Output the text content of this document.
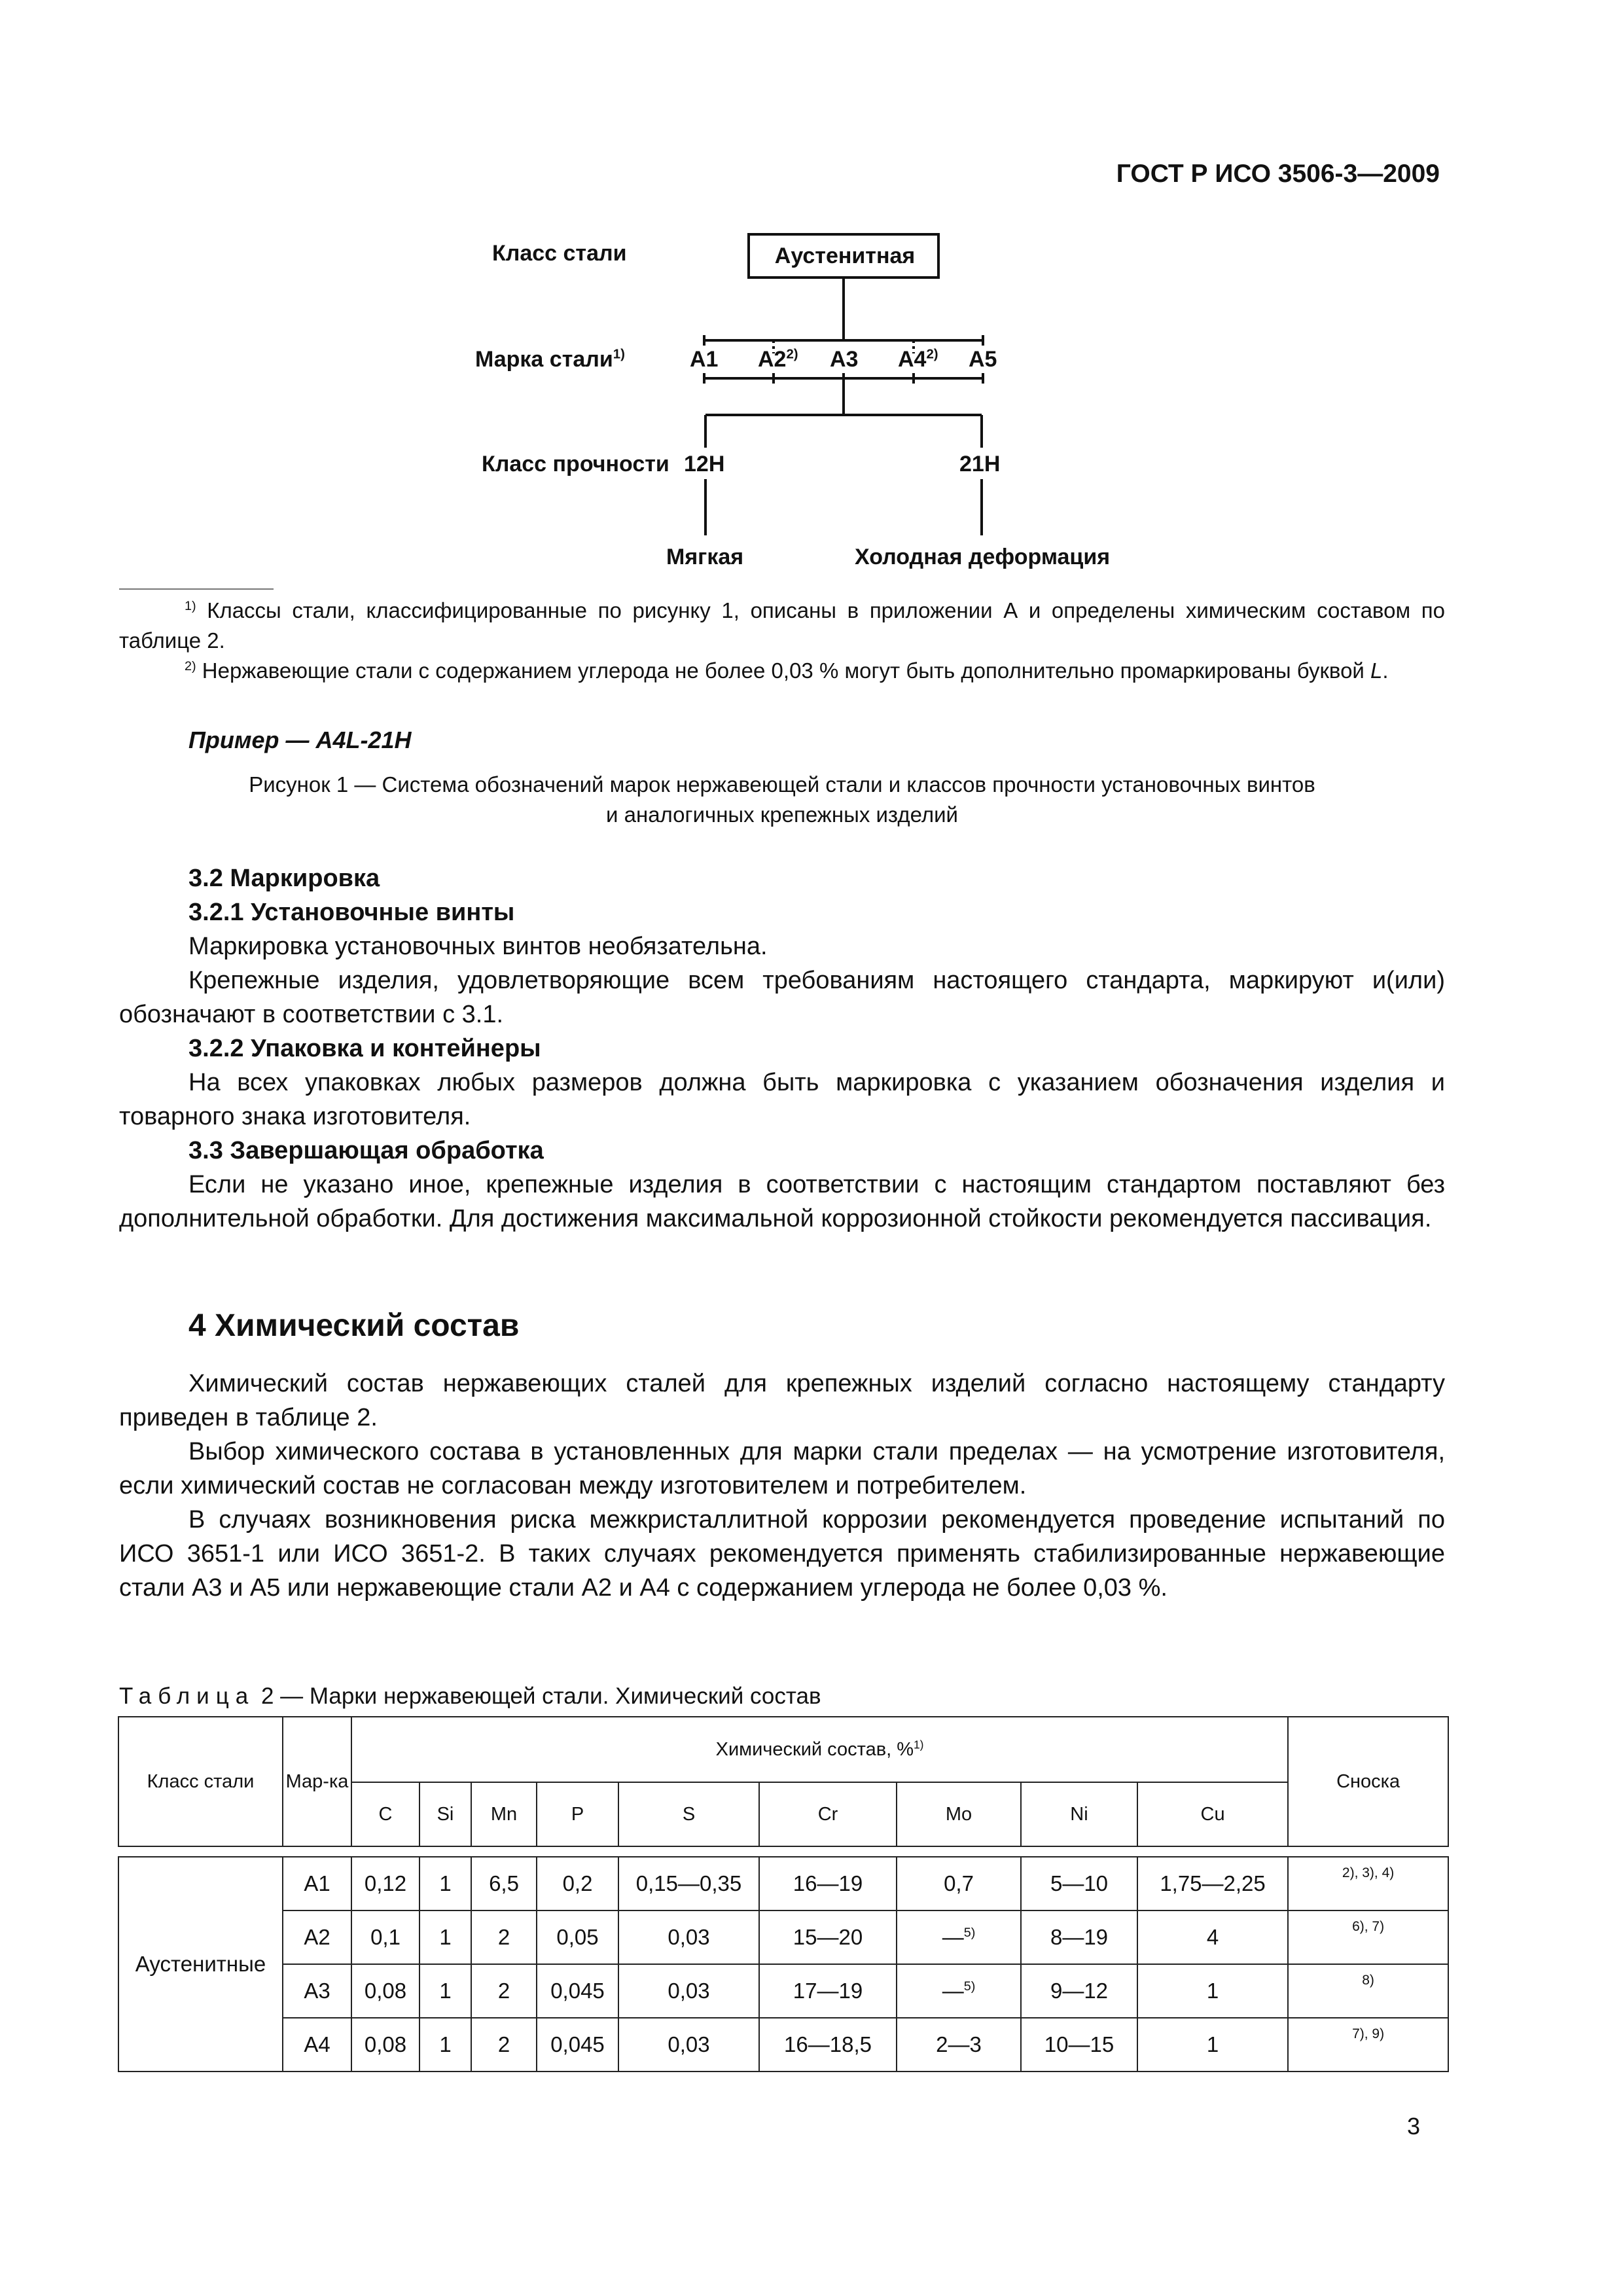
ГОСТ Р ИСО 3506-3—2009
Класс стали
Марка стали$^{1)}$
Класс прочности
Аустенитная
A1 A2$^{2)}$ A3 A4$^{2)}$ A5
12H	21H
Мягкая	Холодная деформация

$^{1)}$ Классы стали, классифицированные по рисунку 1, описаны в приложении А и определены химическим составом по таблице 2.

$^{2)}$ Нержавеющие стали с содержанием углерода не более 0,03 % могут быть дополнительно промаркированы буквой L.

Пример — A4L-21H
Рисунок 1 — Система обозначений марок нержавеющей стали и классов прочности установочных винтов
и аналогичных крепежных изделий
3.2 Маркировка
3.2.1 Установочные винты

Маркировка установочных винтов необязательна.

Крепежные изделия, удовлетворяющие всем требованиям настоящего стандарта, маркируют и(или) обозначают в соответствии с 3.1.

3.2.2 Упаковка и контейнеры

На всех упаковках любых размеров должна быть маркировка с указанием обозначения изделия и товарного знака изготовителя.

3.3 Завершающая обработка

Если не указано иное, крепежные изделия в соответствии с настоящим стандартом поставляют без дополнительной обработки. Для достижения максимальной коррозионной стойкости рекомендуется пассивация.

4 Химический состав

Химический состав нержавеющих сталей для крепежных изделий согласно настоящему стандарту приведен в таблице 2.

Выбор химического состава в установленных для марки стали пределах — на усмотрение изготовителя, если химический состав не согласован между изготовителем и потребителем.

В случаях возникновения риска межкристаллитной коррозии рекомендуется проведение испытаний по ИСО 3651-1 или ИСО 3651-2. В таких случаях рекомендуется применять стабилизированные нержавеющие стали A3 и A5 или нержавеющие стали A2 и A4 с содержанием углерода не более 0,03 %.

Таблица 2 — Марки нержавеющей стали. Химический состав
Класс стали	Мар-ка	Химический состав, %$^{1)}$									Сноска
		C	Si	Mn	P	S	Cr	Mo	Ni	Cu	

Аустенитные	A1	0,12	1	6,5	0,2	0,15—0,35	16—19	0,7	5—10	1,75—2,25	2), 3), 4)
	A2	0,1	1	2	0,05	0,03	15—20	—$^{5)}$	8—19	4	6), 7)
	A3	0,08	1	2	0,045	0,03	17—19	—$^{5)}$	9—12	1	8)
	A4	0,08	1	2	0,045	0,03	16—18,5	2—3	10—15	1	7), 9)
3
